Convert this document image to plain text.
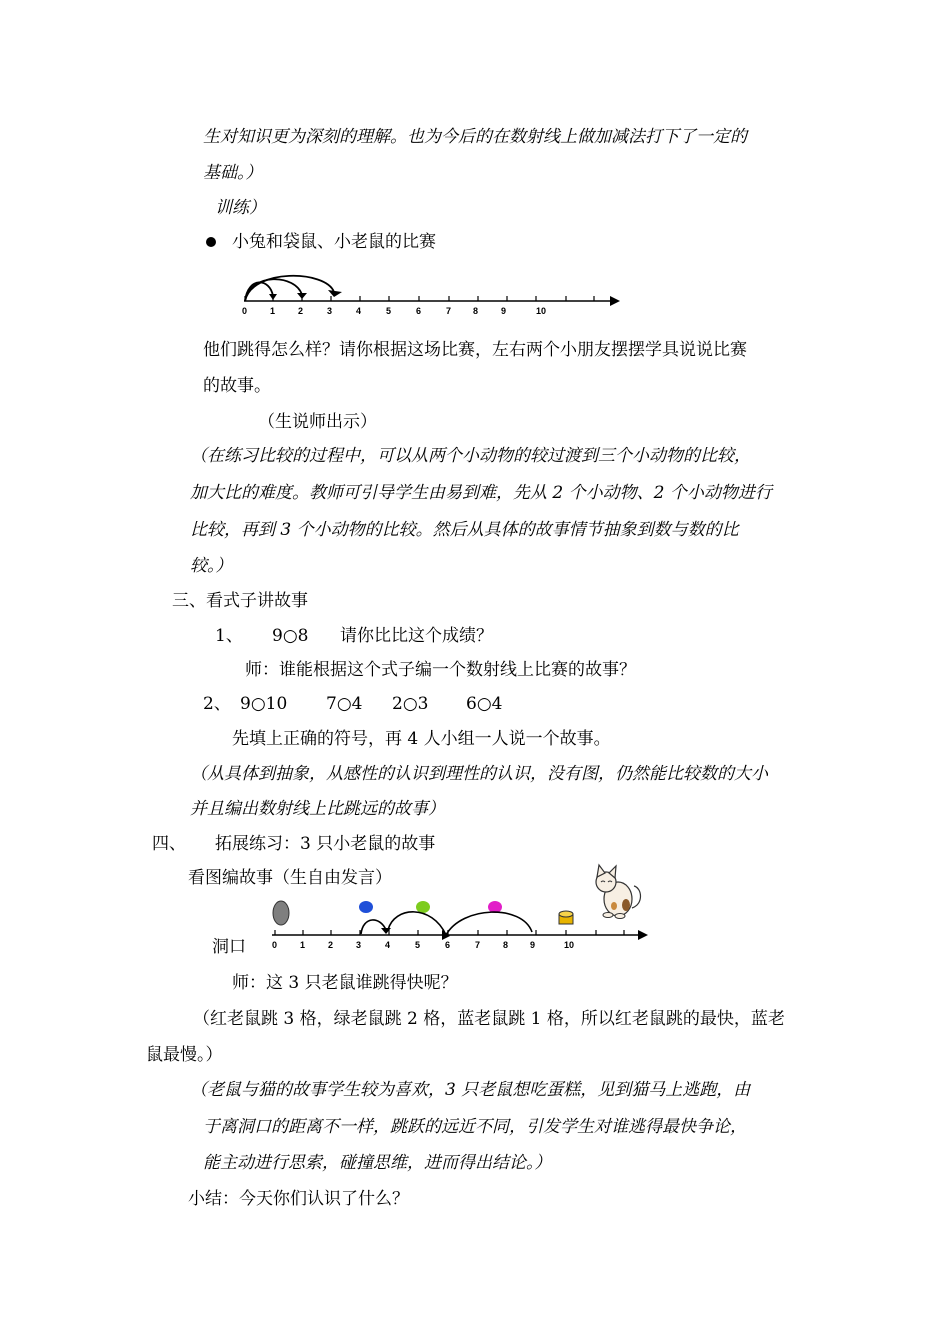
生对知识更为深刻的理解。也为今后的在数射线上做加减法打下了一定的
基础。）
训练）
小兔和袋鼠、小老鼠的比赛
0	1	2	3	4	5	6	7 8	9	10
他们跳得怎么样？请你根据这场比赛，左右两个小朋友摆摆学具说说比赛
的故事。
（生说师出示）
（在练习比较的过程中，可以从两个小动物的较过渡到三个小动物的比较，
加大比的难度。教师可引导学生由易到难，先从 2 个小动物、2 个小动物进行
比较，再到 3 个小动物的比较。然后从具体的故事情节抽象到数与数的比
较。）
三、看式子讲故事
1、 9○8 请你比比这个成绩？
师：谁能根据这个式子编一个数射线上比赛的故事？
2、 9○10 7○4 2○3 6○4
先填上正确的符号，再 4 人小组一人说一个故事。
（从具体到抽象，从感性的认识到理性的认识，没有图，仍然能比较数的大小
并且编出数射线上比跳远的故事）
四、 拓展练习：3 只小老鼠的故事
看图编故事（生自由发言）
0	1	2	3	4	5	6	7	8 9	10
洞口
师：这 3 只老鼠谁跳得快呢？
（红老鼠跳 3 格，绿老鼠跳 2 格，蓝老鼠跳 1 格，所以红老鼠跳的最快，蓝老
鼠最慢。）
（老鼠与猫的故事学生较为喜欢，3 只老鼠想吃蛋糕，见到猫马上逃跑，由
于离洞口的距离不一样，跳跃的远近不同，引发学生对谁逃得最快争论，
能主动进行思索，碰撞思维，进而得出结论。）
小结：今天你们认识了什么？
